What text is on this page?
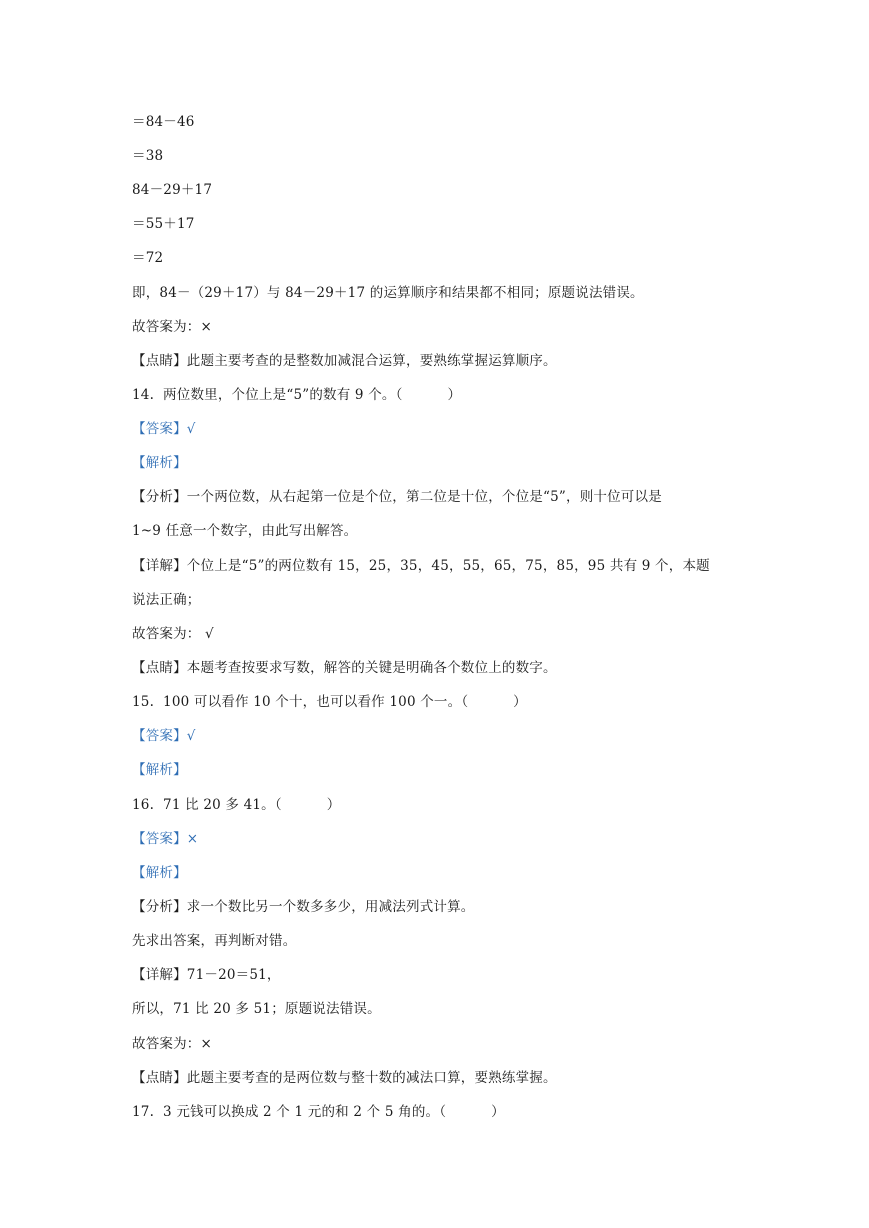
＝84－46
＝38
84－29＋17
＝55＋17
＝72
即，84－（29＋17）与 84－29＋17 的运算顺序和结果都不相同；原题说法错误。
故答案为：×
【点睛】此题主要考查的是整数加减混合运算，要熟练掌握运算顺序。
14.  两位数里，个位上是“5”的数有 9 个。（          ）
【答案】√
【解析】
【分析】一个两位数，从右起第一位是个位，第二位是十位，个位是“5”，则十位可以是
1~9 任意一个数字，由此写出解答。
【详解】个位上是“5”的两位数有 15，25，35，45，55，65，75，85，95 共有 9 个，本题
说法正确；
故答案为： √
【点睛】本题考查按要求写数，解答的关键是明确各个数位上的数字。
15.  100 可以看作 10 个十，也可以看作 100 个一。（          ）
【答案】√
【解析】
16.  71 比 20 多 41。（          ）
【答案】×
【解析】
【分析】求一个数比另一个数多多少，用减法列式计算。
先求出答案，再判断对错。
【详解】71－20＝51，
所以，71 比 20 多 51；原题说法错误。
故答案为：×
【点睛】此题主要考查的是两位数与整十数的减法口算，要熟练掌握。
17.  3 元钱可以换成 2 个 1 元的和 2 个 5 角的。（          ）
